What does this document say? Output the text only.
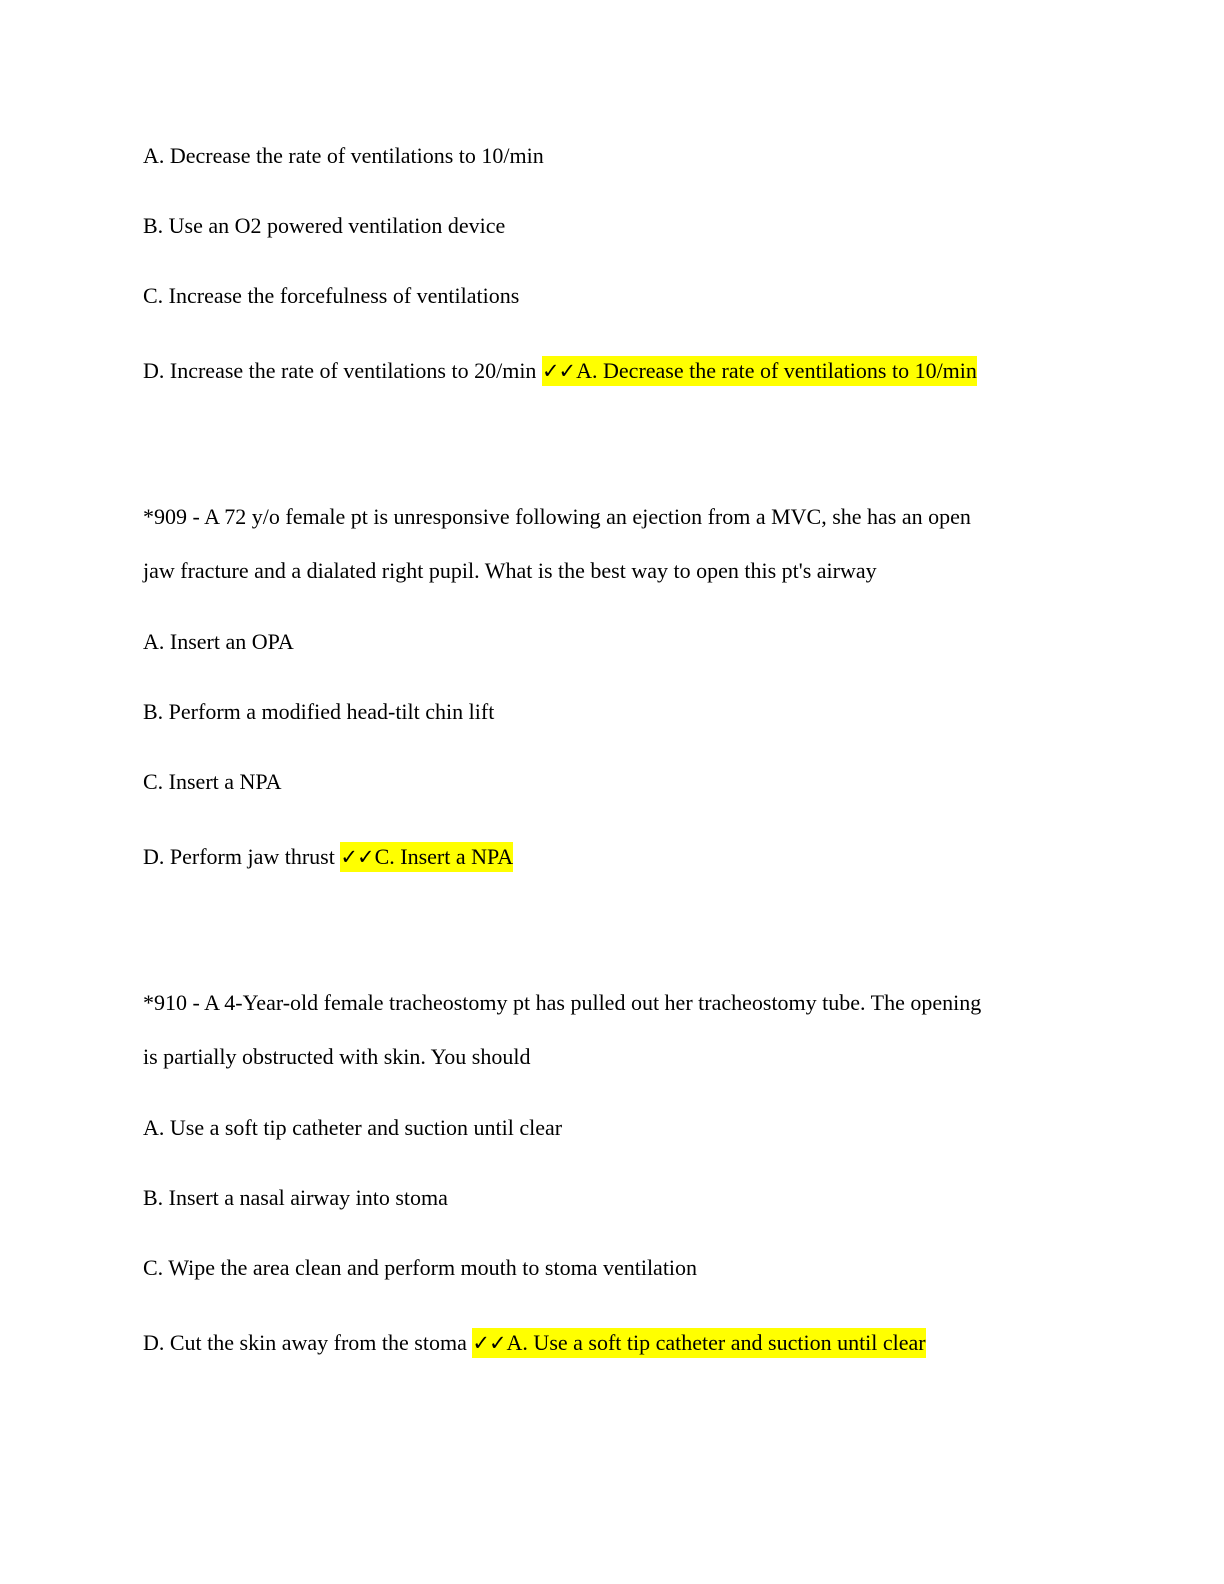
A. Decrease the rate of ventilations to 10/min
B. Use an O2 powered ventilation device
C. Increase the forcefulness of ventilations
D. Increase the rate of ventilations to 20/min ✓✓A. Decrease the rate of ventilations to 10/min
*909 - A 72 y/o female pt is unresponsive following an ejection from a MVC, she has an open
jaw fracture and a dialated right pupil. What is the best way to open this pt's airway
A. Insert an OPA
B. Perform a modified head-tilt chin lift
C. Insert a NPA
D. Perform jaw thrust ✓✓C. Insert a NPA
*910 - A 4-Year-old female tracheostomy pt has pulled out her tracheostomy tube. The opening
is partially obstructed with skin. You should
A. Use a soft tip catheter and suction until clear
B. Insert a nasal airway into stoma
C. Wipe the area clean and perform mouth to stoma ventilation
D. Cut the skin away from the stoma ✓✓A. Use a soft tip catheter and suction until clear
